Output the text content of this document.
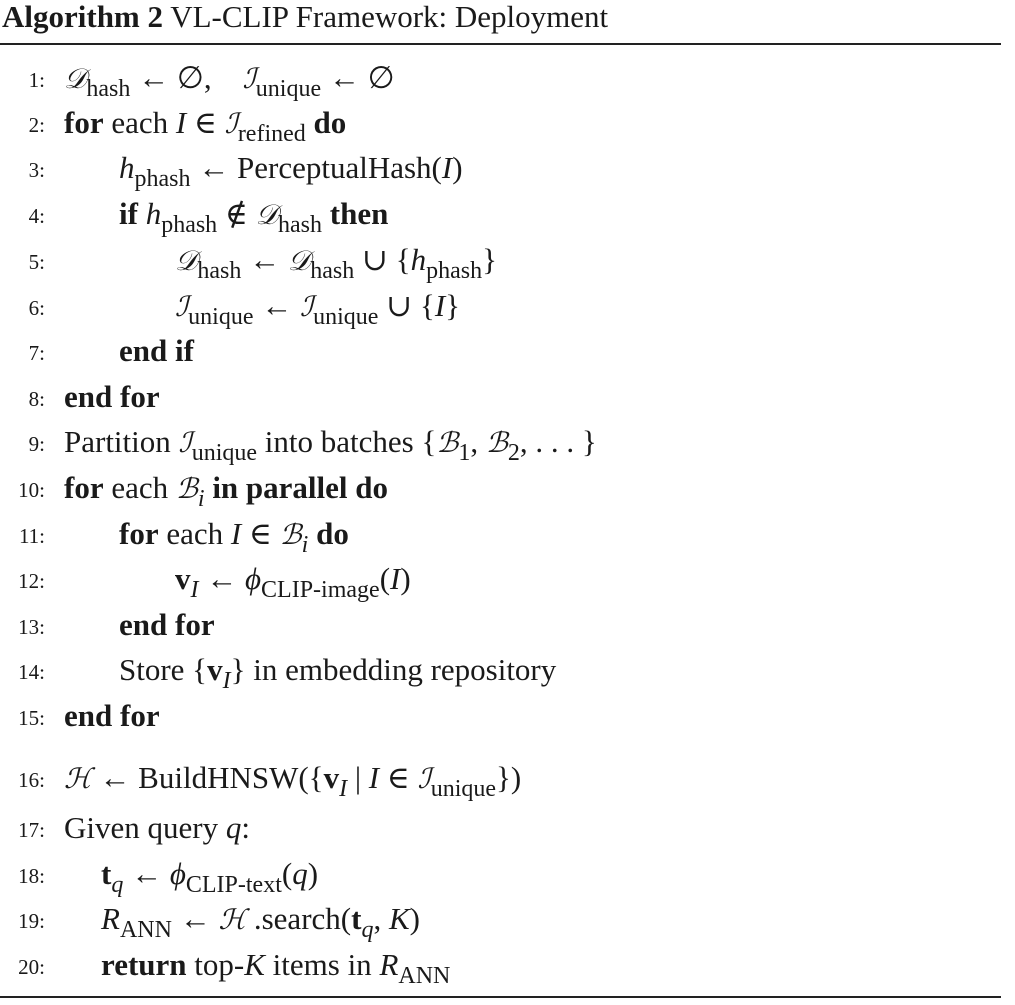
Algorithm 2 VL-CLIP Framework: Deployment
1: 𝒟$_{hash}$ ← ∅,    ℐ$_{unique}$ ← ∅
2: for each I ∈ ℐ$_{refined}$ do
3: $h_{phash}$ ← PerceptualHash(I)
4: if $h_{phash}$ ∉ 𝒟$_{hash}$ then
5:	𝒟$_{hash}$ ← 𝒟$_{hash}$ ∪ $\{h_{phash}\}$
6:	ℐ$_{unique}$ ← ℐ$_{unique}$ ∪ {I}
7: end if
8: end for
9: Partition ℐ$_{unique}$ into batches {ℬ$_1$, ℬ$_2$, . . . }
10: for each ℬ$_i$ in parallel do
11: for each I ∈ ℬ$_i$ do
12:	$v_I$ ← $\phi_{CLIP-image}(I)$
13: end for
14: Store $\{v_I\}$ in embedding repository
15: end for
16: ℋ ← $BuildHNSW(\{v_I$ | I ∈ ℐ$_{unique}$})
17: Given query q:
18: $t_q$ ← $\phi_{CLIP-text}(q)$
19: $R_{ANN}$ ← ℋ $.search(t_q$, K)
20: return top-K items in $R_{ANN}$
